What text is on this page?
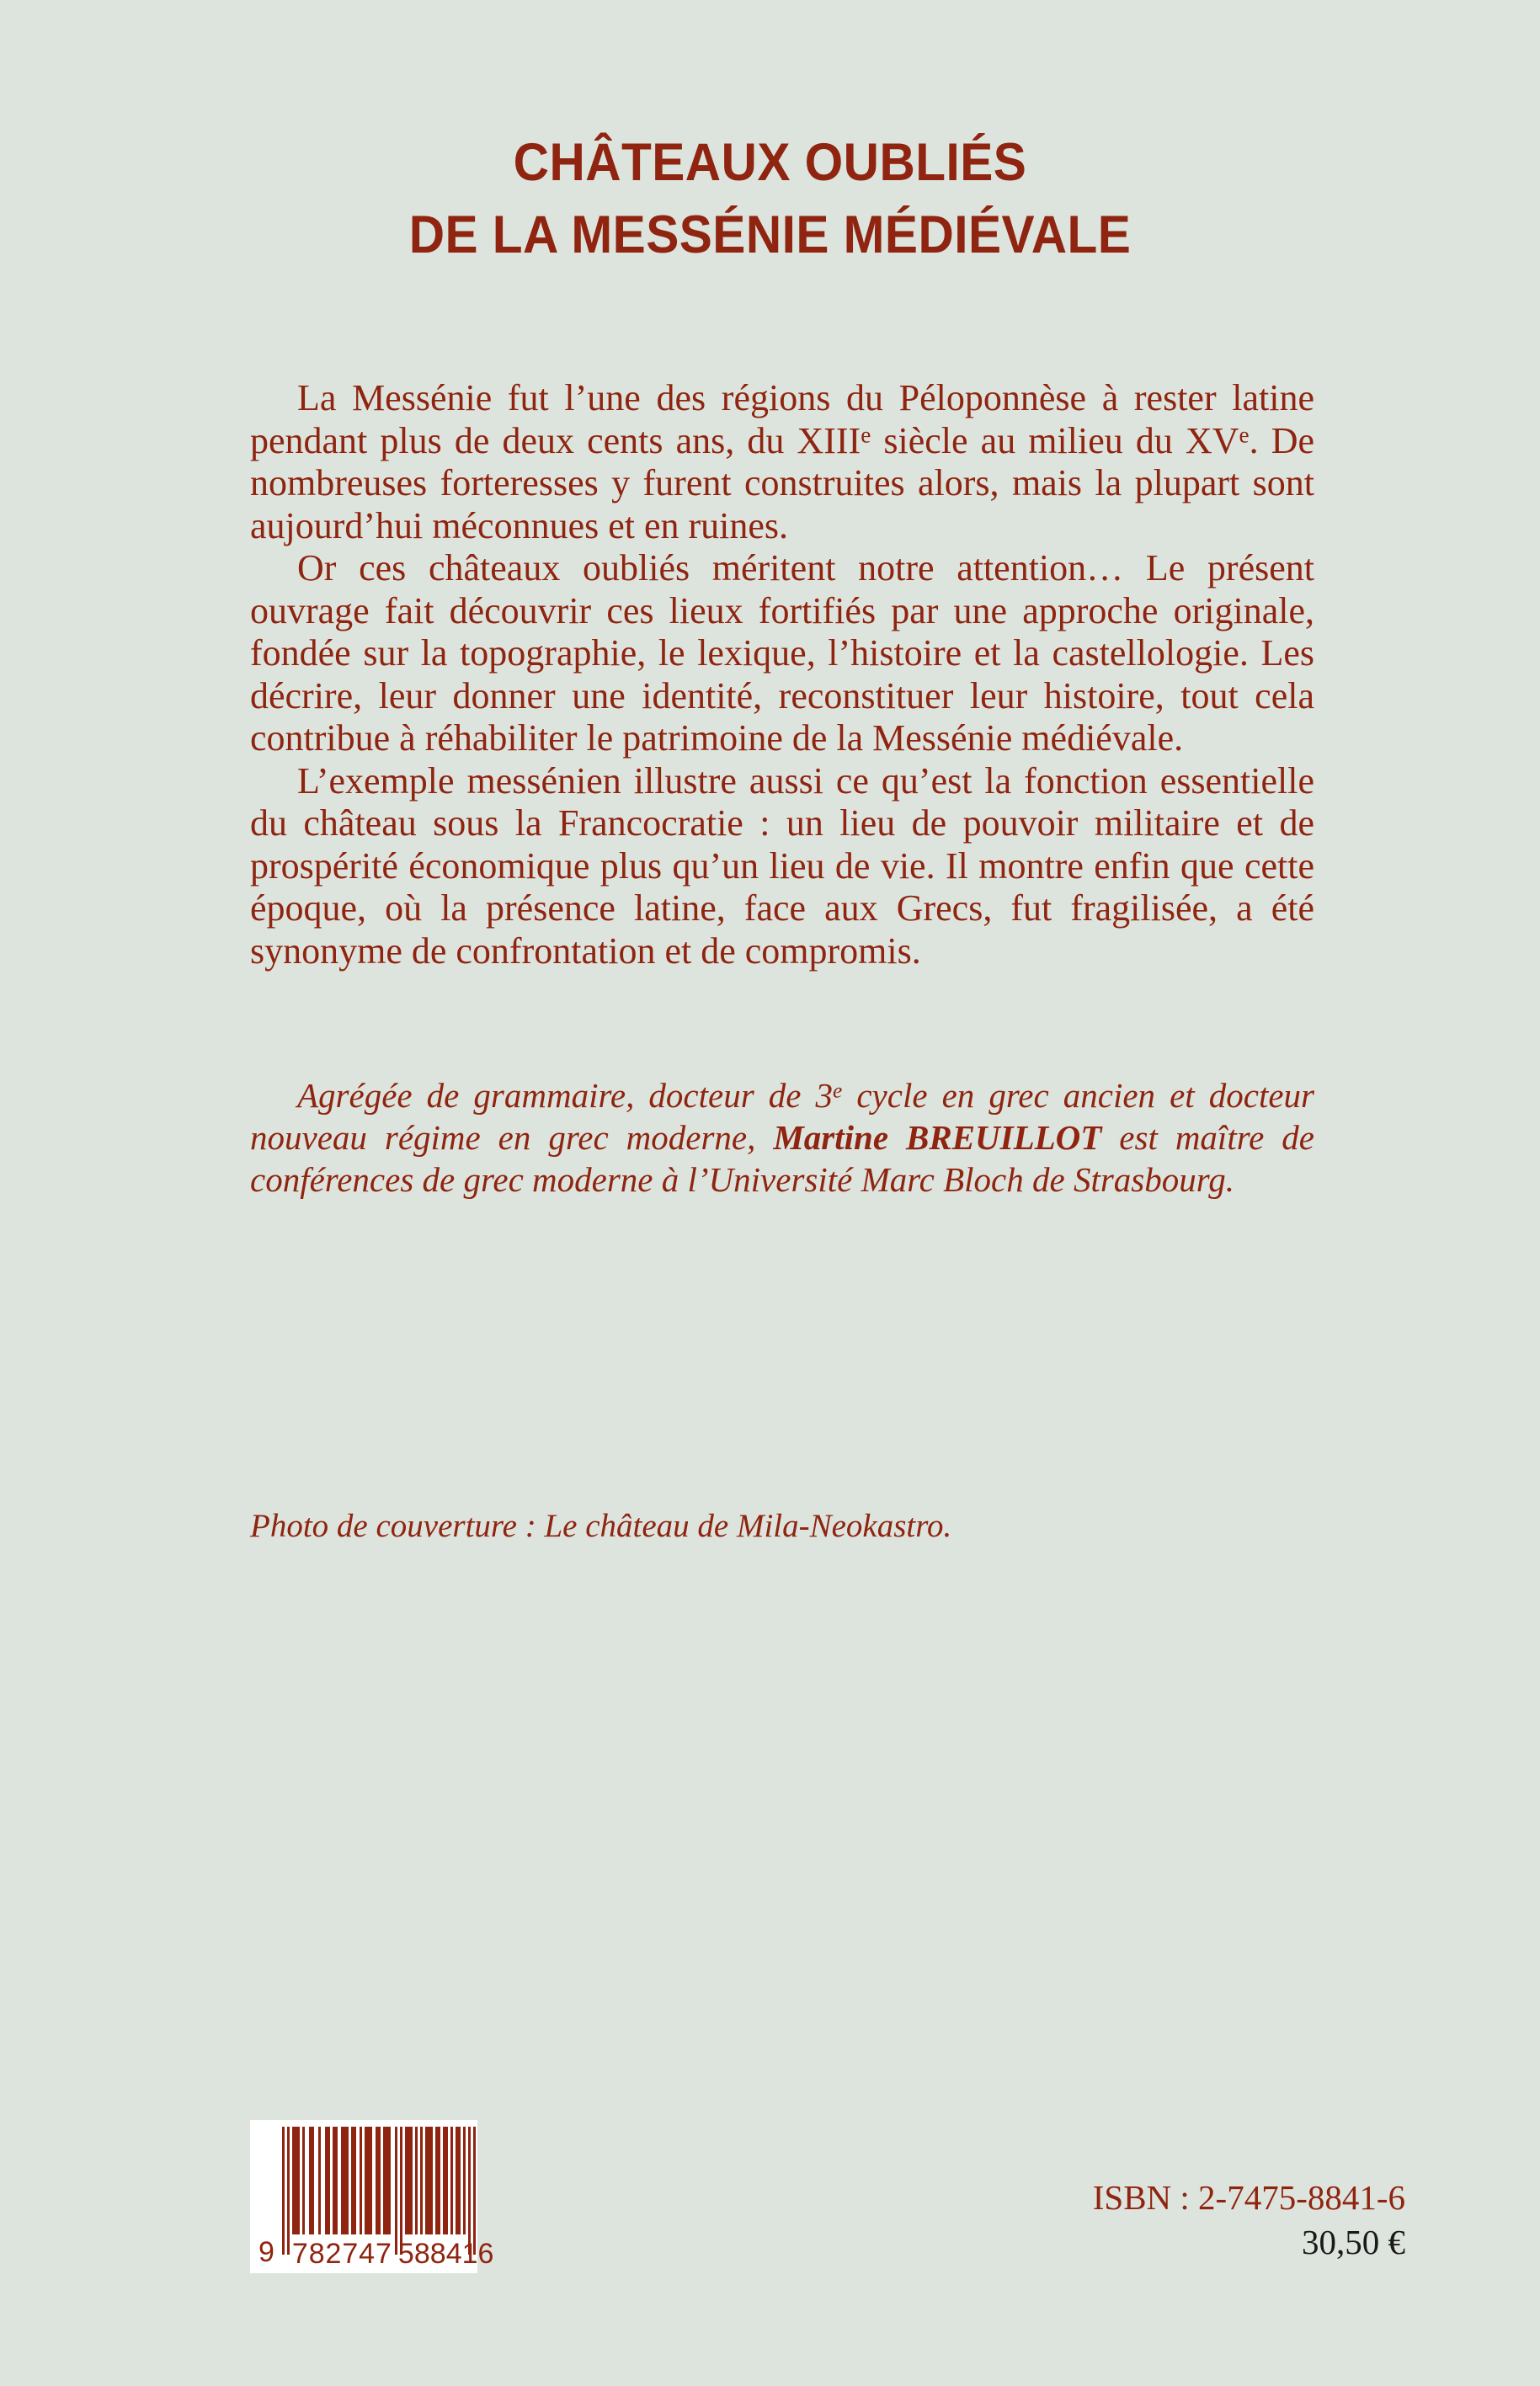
CHÂTEAUX OUBLIÉS
DE LA MESSÉNIE MÉDIÉVALE

La Messénie fut l’une des régions du Péloponnèse à rester latine pendant plus de deux cents ans, du XIIIe siècle au milieu du XVe. De nombreuses forteresses y furent construites alors, mais la plupart sont aujourd’hui méconnues et en ruines.

Or ces châteaux oubliés méritent notre attention… Le présent ouvrage fait découvrir ces lieux fortifiés par une approche originale, fondée sur la topographie, le lexique, l’histoire et la castellologie. Les décrire, leur donner une identité, reconstituer leur histoire, tout cela contribue à réhabiliter le patrimoine de la Messénie médiévale.

L’exemple messénien illustre aussi ce qu’est la fonction essentielle du château sous la Francocratie : un lieu de pouvoir militaire et de prospérité économique plus qu’un lieu de vie. Il montre enfin que cette époque, où la présence latine, face aux Grecs, fut fragilisée, a été synonyme de confrontation et de compromis.

Agrégée de grammaire, docteur de 3e cycle en grec ancien et docteur nouveau régime en grec moderne, Martine BREUILLOT est maître de conférences de grec moderne à l’Université Marc Bloch de Strasbourg.

Photo de couverture : Le château de Mila-Neokastro.
9 7 8 2 7 4 7 5 8 8 4 1 6
ISBN : 2-7475-8841-6
30,50 €
